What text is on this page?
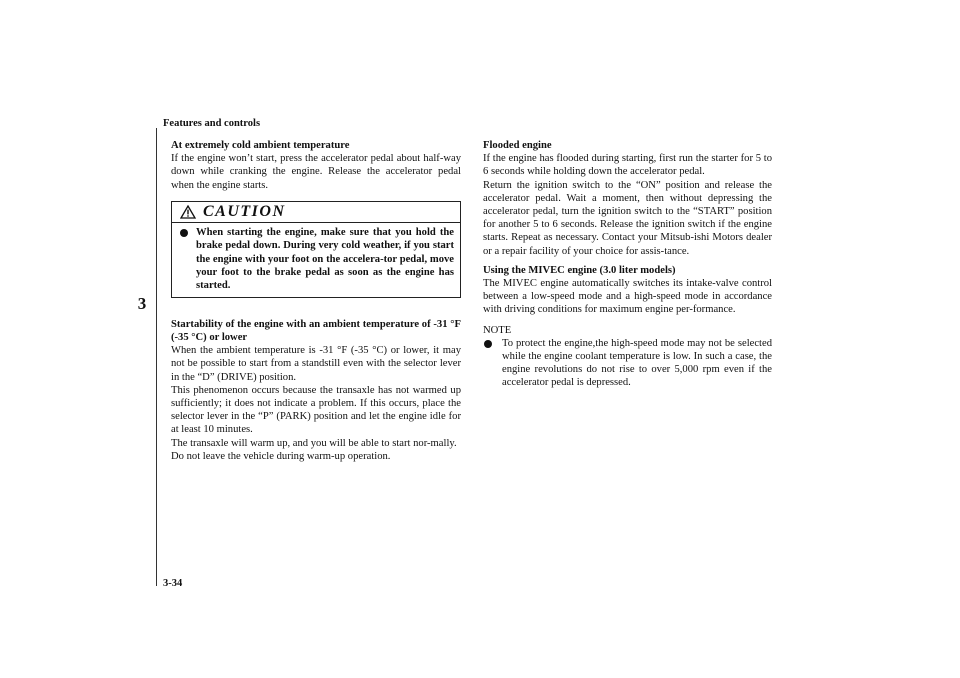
Features and controls
3
At extremely cold ambient temperature

If the engine won’t start, press the accelerator pedal about half-way down while cranking the engine. Release the accelerator pedal when the engine starts.

CAUTION
When starting the engine, make sure that you hold the brake pedal down. During very cold weather, if you start the engine with your foot on the accelera-tor pedal, move your foot to the brake pedal as soon as the engine has started.
Startability of the engine with an ambient temperature of -31 °F (-35 °C) or lower

When the ambient temperature is -31 °F (-35 °C) or lower, it may not be possible to start from a standstill even with the selector lever in the “D” (DRIVE) position.

This phenomenon occurs because the transaxle has not warmed up sufficiently; it does not indicate a problem. If this occurs, place the selector lever in the “P” (PARK) position and let the engine idle for at least 10 minutes.

The transaxle will warm up, and you will be able to start nor-mally.

Do not leave the vehicle during warm-up operation.

Flooded engine

If the engine has flooded during starting, first run the starter for 5 to 6 seconds while holding down the accelerator pedal.

Return the ignition switch to the “ON” position and release the accelerator pedal. Wait a moment, then without depressing the accelerator pedal, turn the ignition switch to the “START” position for another 5 to 6 seconds. Release the ignition switch if the engine starts. Repeat as necessary. Contact your Mitsub-ishi Motors dealer or a repair facility of your choice for assis-tance.

Using the MIVEC engine (3.0 liter models)

The MIVEC engine automatically switches its intake-valve control between a low-speed mode and a high-speed mode in accordance with driving conditions for maximum engine per-formance.

NOTE
To protect the engine,the high-speed mode may not be selected while the engine coolant temperature is low. In such a case, the engine revolutions do not rise to over 5,000 rpm even if the accelerator pedal is depressed.
3-34
